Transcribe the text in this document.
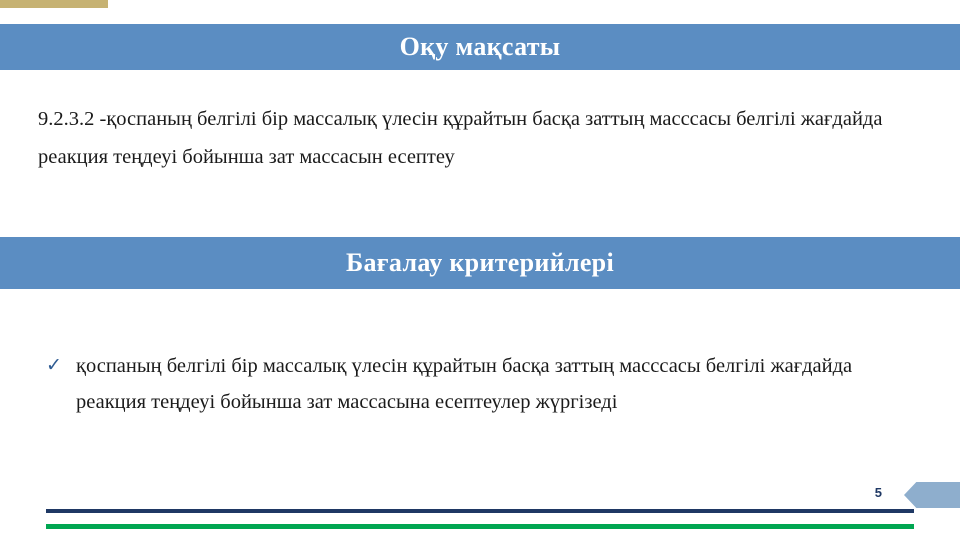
Оқу мақсаты
9.2.3.2 -қоспаның белгілі бір массалық үлесін құрайтын басқа заттың масссасы белгілі жағдайда реакция теңдеуі бойынша зат массасын есептеу
Бағалау критерийлері
✓ қоспаның белгілі бір массалық үлесін құрайтын басқа заттың масссасы белгілі жағдайда реакция теңдеуі бойынша зат массасына есептеулер жүргізеді
5
